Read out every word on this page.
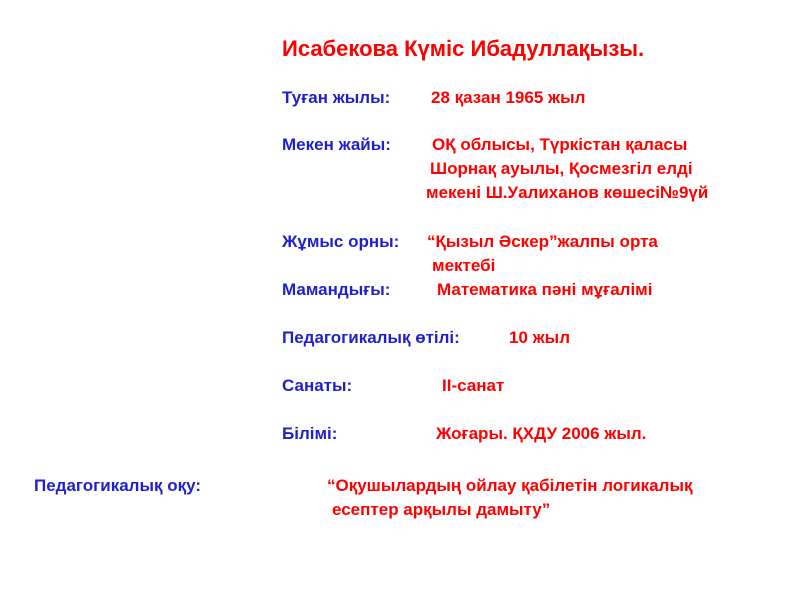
Исабекова Күміс Ибадуллақызы.
Туған жылы: 28 қазан 1965 жыл
Мекен жайы: ОҚ облысы, Түркістан қаласы
Шорнақ ауылы, Қосмезгіл елді
мекені Ш.Уалиханов көшесі№9үй
Жұмыс орны: “Қызыл Әскер”жалпы орта
мектебі
Мамандығы:	Математика пәні мұғалімі
Педагогикалық өтілі:	10 жыл
Санаты:	II-санат
Білімі:	Жоғары. ҚХДУ 2006 жыл.
Педагогикалық оқу:	“Оқушылардың ойлау қабілетін логикалық
есептер арқылы дамыту”
